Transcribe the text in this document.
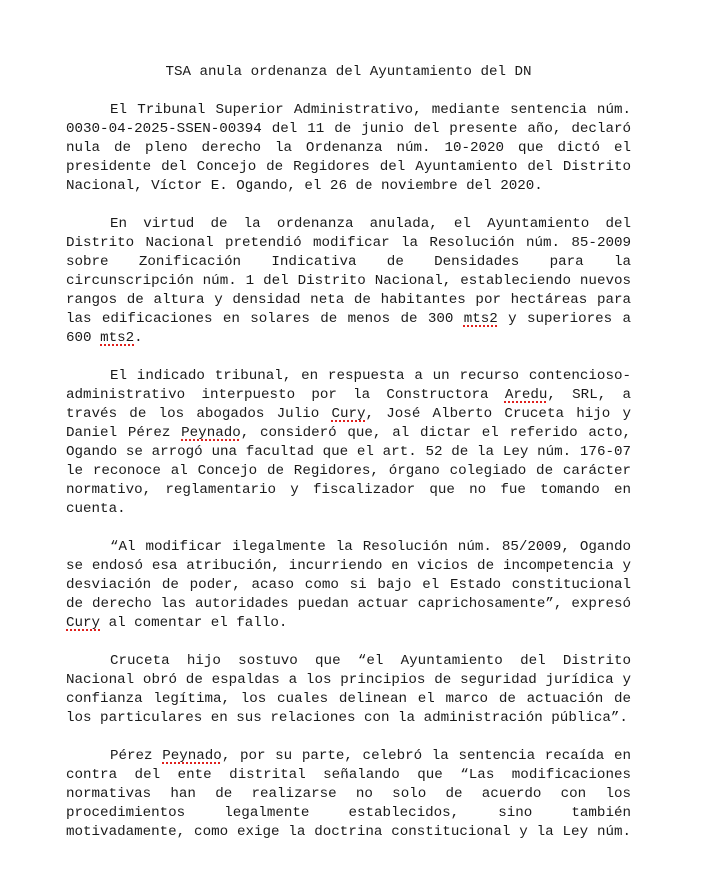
TSA anula ordenanza del Ayuntamiento del DN
El Tribunal Superior Administrativo, mediante sentencia núm.
0030-04-2025-SSEN-00394 del 11 de junio del presente año, declaró
nula de pleno derecho la Ordenanza núm. 10-2020 que dictó el
presidente del Concejo de Regidores del Ayuntamiento del Distrito
Nacional, Víctor E. Ogando, el 26 de noviembre del 2020.
En virtud de la ordenanza anulada, el Ayuntamiento del
Distrito Nacional pretendió modificar la Resolución núm. 85-2009
sobre Zonificación Indicativa de Densidades para la
circunscripción núm. 1 del Distrito Nacional, estableciendo nuevos
rangos de altura y densidad neta de habitantes por hectáreas para
las edificaciones en solares de menos de 300 mts2 y superiores a
600 mts2.
El indicado tribunal, en respuesta a un recurso contencioso-
administrativo interpuesto por la Constructora Aredu, SRL, a
través de los abogados Julio Cury, José Alberto Cruceta hijo y
Daniel Pérez Peynado, consideró que, al dictar el referido acto,
Ogando se arrogó una facultad que el art. 52 de la Ley núm. 176-07
le reconoce al Concejo de Regidores, órgano colegiado de carácter
normativo, reglamentario y fiscalizador que no fue tomando en
cuenta.
“Al modificar ilegalmente la Resolución núm. 85/2009, Ogando
se endosó esa atribución, incurriendo en vicios de incompetencia y
desviación de poder, acaso como si bajo el Estado constitucional
de derecho las autoridades puedan actuar caprichosamente”, expresó
Cury al comentar el fallo.
Cruceta hijo sostuvo que “el Ayuntamiento del Distrito
Nacional obró de espaldas a los principios de seguridad jurídica y
confianza legítima, los cuales delinean el marco de actuación de
los particulares en sus relaciones con la administración pública”.
Pérez Peynado, por su parte, celebró la sentencia recaída en
contra del ente distrital señalando que “Las modificaciones
normativas han de realizarse no solo de acuerdo con los
procedimientos legalmente establecidos, sino también
motivadamente, como exige la doctrina constitucional y la Ley núm.
